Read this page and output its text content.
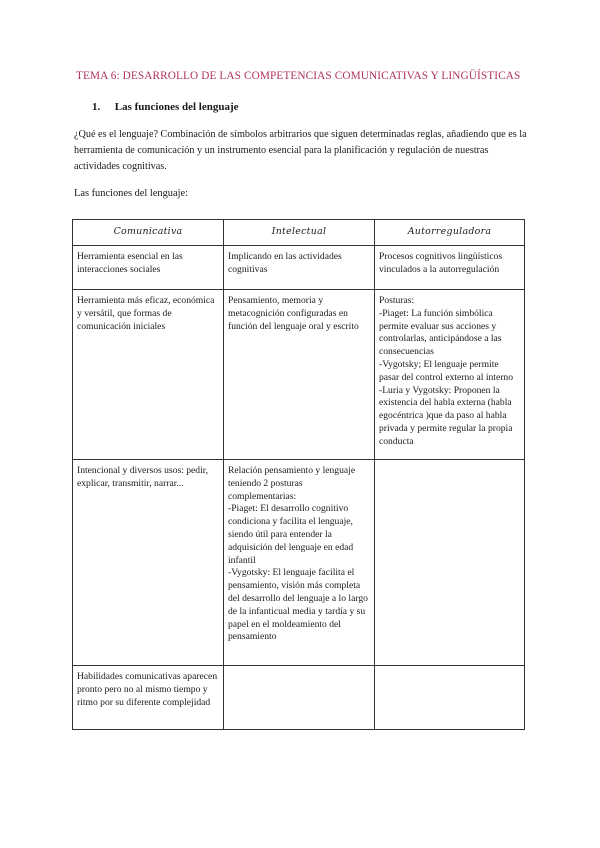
TEMA 6: DESARROLLO DE LAS COMPETENCIAS COMUNICATIVAS Y LINGÜÍSTICAS
1. Las funciones del lenguaje
¿Qué es el lenguaje? Combinación de símbolos arbitrarios que siguen determinadas reglas, añadiendo que es la herramienta de comunicación y un instrumento esencial para la planificación y regulación de nuestras actividades cognitivas.
Las funciones del lenguaje:
Comunicativa	Intelectual	Autorreguladora

Herramienta esencial en las interacciones sociales	Implicando en las actividades cognitivas	Procesos cognitivos lingüísticos vinculados a la autorregulación

Herramienta más eficaz, económica y versátil, que formas de comunicación iniciales	Pensamiento, memoria y metacognición configuradas en función del lenguaje oral y escrito	Posturas:
-Piaget: La función simbólica permite evaluar sus acciones y controlarlas, anticipándose a las consecuencias
-Vygotsky; El lenguaje permite pasar del control externo al interno
-Luria y Vygotsky: Proponen la existencia del habla externa (habla egocéntrica )que da paso al habla privada y permite regular la propia conducta

Intencional y diversos usos: pedir, explicar, transmitir, narrar...	Relación pensamiento y lenguaje teniendo 2 posturas complementarias:
-Piaget: El desarrollo cognitivo condiciona y facilita el lenguaje, siendo útil para entender la adquisición del lenguaje en edad infantil
-Vygotsky: El lenguaje facilita el pensamiento, visión más completa del desarrollo del lenguaje a lo largo de la infanticual media y tardía y su papel en el moldeamiento del pensamiento	

Habilidades comunicativas aparecen pronto pero no al mismo tiempo y ritmo por su diferente complejidad		
